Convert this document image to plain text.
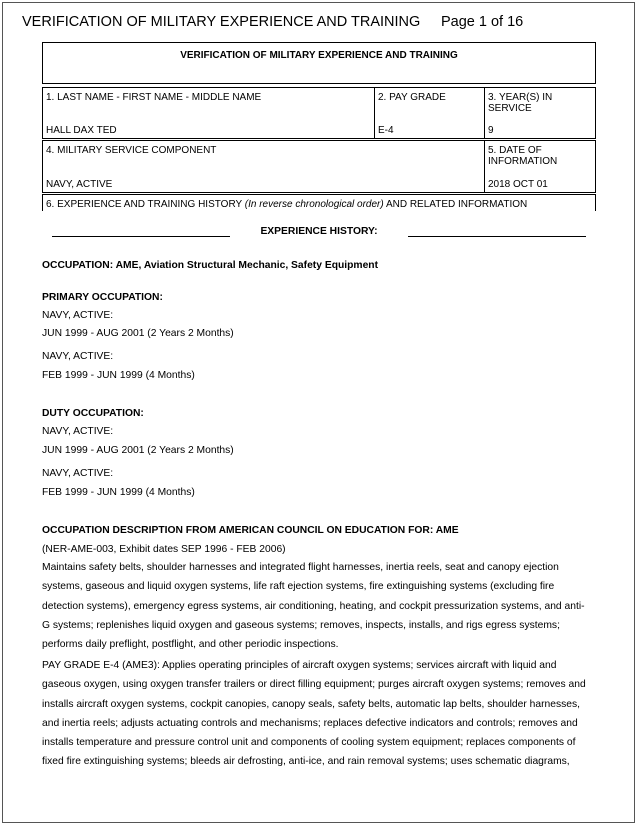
VERIFICATION OF MILITARY EXPERIENCE AND TRAINING Page 1 of 16
VERIFICATION OF MILITARY EXPERIENCE AND TRAINING
1. LAST NAME - FIRST NAME - MIDDLE NAME
HALL DAX TED
2. PAY GRADE
E-4
3. YEAR(S) IN
SERVICE
9
4. MILITARY SERVICE COMPONENT
NAVY, ACTIVE
5. DATE OF
INFORMATION
2018 OCT 01
6. EXPERIENCE AND TRAINING HISTORY (In reverse chronological order) AND RELATED INFORMATION
EXPERIENCE HISTORY:
OCCUPATION: AME, Aviation Structural Mechanic, Safety Equipment
PRIMARY OCCUPATION:
NAVY, ACTIVE:
JUN 1999 - AUG 2001 (2 Years 2 Months)
NAVY, ACTIVE:
FEB 1999 - JUN 1999 (4 Months)
DUTY OCCUPATION:
NAVY, ACTIVE:
JUN 1999 - AUG 2001 (2 Years 2 Months)
NAVY, ACTIVE:
FEB 1999 - JUN 1999 (4 Months)
OCCUPATION DESCRIPTION FROM AMERICAN COUNCIL ON EDUCATION FOR: AME
(NER-AME-003, Exhibit dates SEP 1996 - FEB 2006)
Maintains safety belts, shoulder harnesses and integrated flight harnesses, inertia reels, seat and canopy ejection
systems, gaseous and liquid oxygen systems, life raft ejection systems, fire extinguishing systems (excluding fire
detection systems), emergency egress systems, air conditioning, heating, and cockpit pressurization systems, and anti-
G systems; replenishes liquid oxygen and gaseous systems; removes, inspects, installs, and rigs egress systems;
performs daily preflight, postflight, and other periodic inspections.
PAY GRADE E-4 (AME3): Applies operating principles of aircraft oxygen systems; services aircraft with liquid and
gaseous oxygen, using oxygen transfer trailers or direct filling equipment; purges aircraft oxygen systems; removes and
installs aircraft oxygen systems, cockpit canopies, canopy seals, safety belts, automatic lap belts, shoulder harnesses,
and inertia reels; adjusts actuating controls and mechanisms; replaces defective indicators and controls; removes and
installs temperature and pressure control unit and components of cooling system equipment; replaces components of
fixed fire extinguishing systems; bleeds air defrosting, anti-ice, and rain removal systems; uses schematic diagrams,
